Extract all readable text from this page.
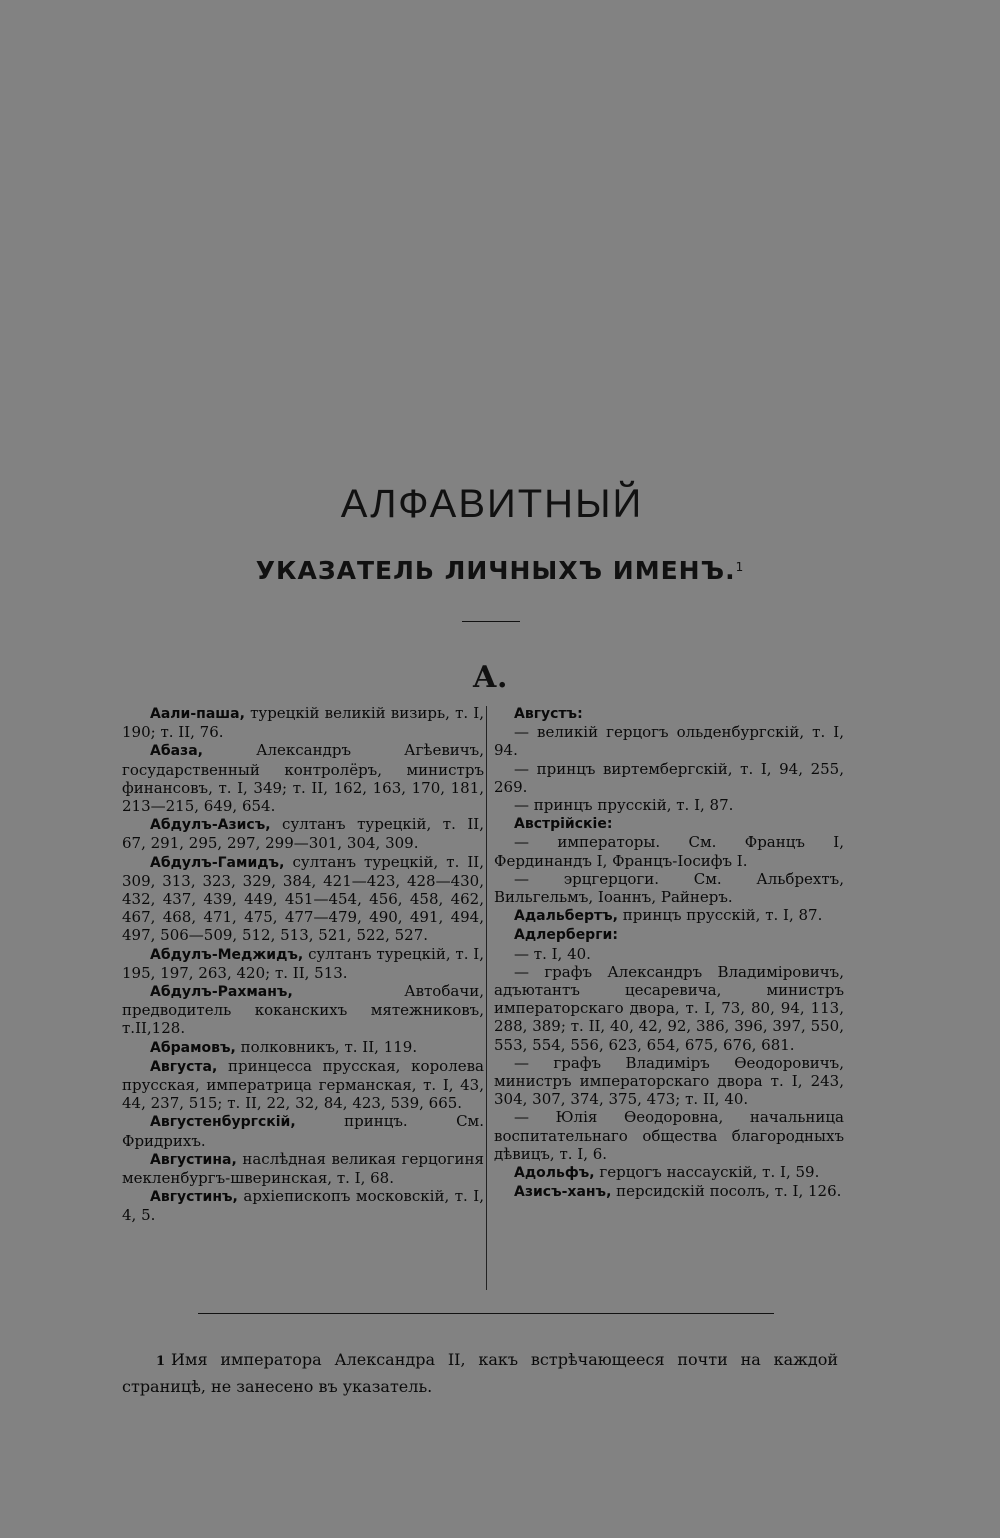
АЛФАВИТНЫЙ
УКАЗАТЕЛЬ ЛИЧНЫХЪ ИМЕНЪ.$^1$
А.

Аали-паша, турецкій великій визирь, т. I, 190; т. II, 76.

Абаза, Александръ Агѣевичъ, государственный контролёръ, министръ финансовъ, т. I, 349; т. II, 162, 163, 170, 181, 213—215, 649, 654.

Абдулъ-Азисъ, султанъ турецкій, т. II, 67, 291, 295, 297, 299—301, 304, 309.

Абдулъ-Гамидъ, султанъ турецкій, т. II, 309, 313, 323, 329, 384, 421—423, 428—430, 432, 437, 439, 449, 451—454, 456, 458, 462, 467, 468, 471, 475, 477—479, 490, 491, 494, 497, 506—509, 512, 513, 521, 522, 527.

Абдулъ-Меджидъ, султанъ турецкій, т. I, 195, 197, 263, 420; т. II, 513.

Абдулъ-Рахманъ, Автобачи, предводитель коканскихъ мятежниковъ, т.II,128.

Абрамовъ, полковникъ, т. II, 119.

Августа, принцесса прусская, королева прусская, императрица германская, т. I, 43, 44, 237, 515; т. II, 22, 32, 84, 423, 539, 665.

Августенбургскій, принцъ. См. Фридрихъ.

Августина, наслѣдная великая герцогиня мекленбургъ-шверинская, т. I, 68.

Августинъ, архіепископъ московскій, т. I, 4, 5.

Августъ:

— великій герцогъ ольденбургскій, т. I, 94.

— принцъ виртембергскій, т. I, 94, 255, 269.

— принцъ прусскій, т. I, 87.

Австрійскіе:

— императоры. См. Францъ I, Фердинандъ I, Францъ-Іосифъ I.

— эрцгерцоги. См. Альбрехтъ, Вильгельмъ, Іоаннъ, Райнеръ.

Адальбертъ, принцъ прусскій, т. I, 87.

Адлерберги:

— т. I, 40.

— графъ Александръ Владиміровичъ, адъютантъ цесаревича, министръ императорскаго двора, т. I, 73, 80, 94, 113, 288, 389; т. II, 40, 42, 92, 386, 396, 397, 550, 553, 554, 556, 623, 654, 675, 676, 681.

— графъ Владиміръ Ѳеодоровичъ, министръ императорскаго двора т. I, 243, 304, 307, 374, 375, 473; т. II, 40.

— Юлія Ѳеодоровна, начальница воспитательнаго общества благородныхъ дѣвицъ, т. I, 6.

Адольфъ, герцогъ нассаускій, т. I, 59.

Азисъ-ханъ, персидскій посолъ, т. I, 126.

1 Имя императора Александра II, какъ встрѣчающееся почти на каждой страницѣ, не занесено въ указатель.
